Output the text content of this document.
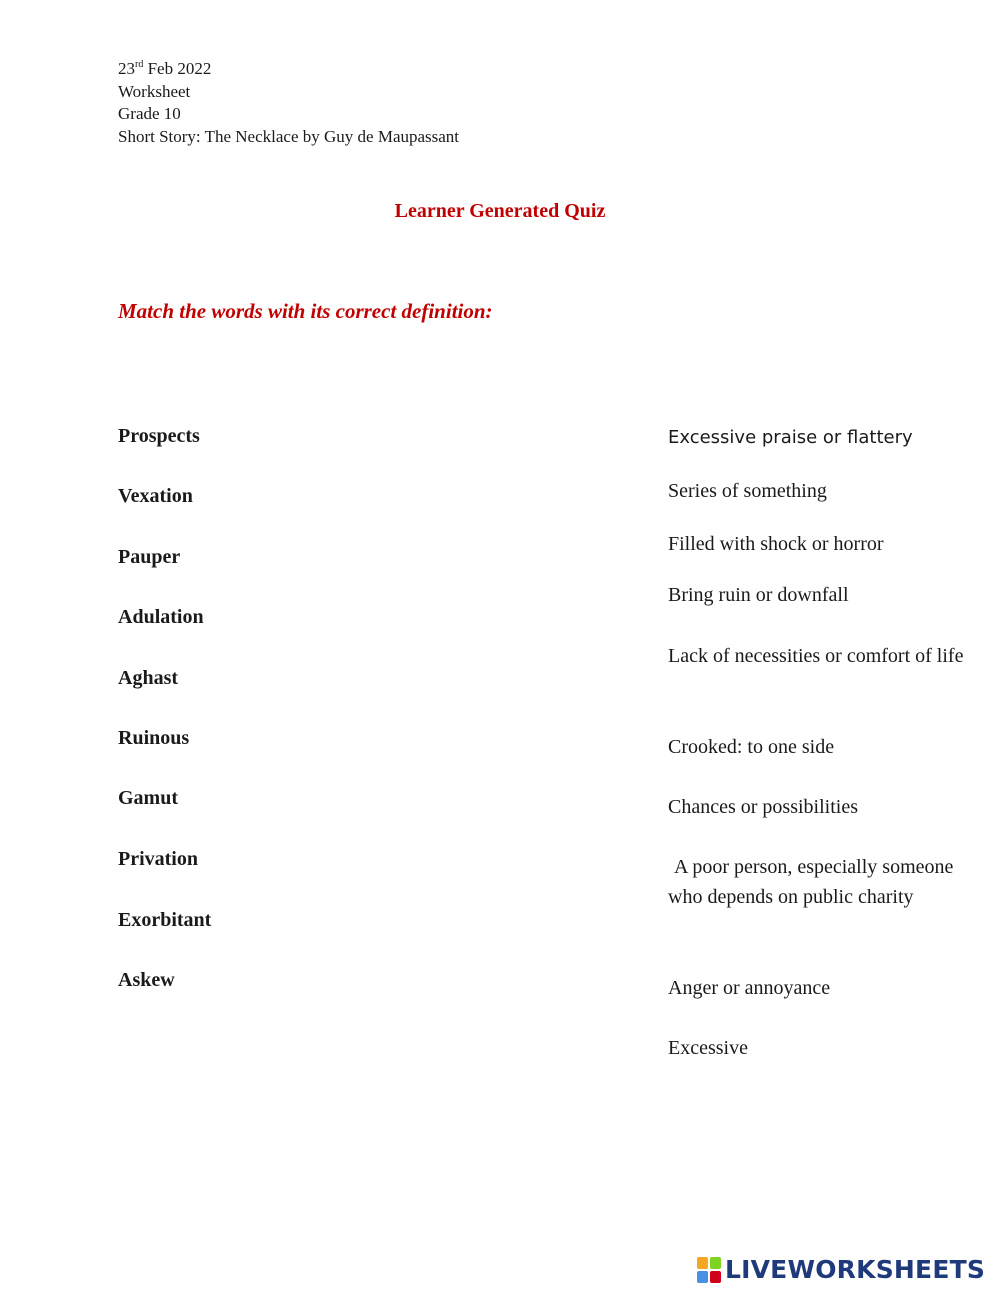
23rd Feb 2022
Worksheet
Grade 10
Short Story: The Necklace by Guy de Maupassant
Learner Generated Quiz
Match the words with its correct definition:
Prospects
Vexation
Pauper
Adulation
Aghast
Ruinous
Gamut
Privation
Exorbitant
Askew
Excessive praise or flattery
Series of something
Filled with shock or horror
Bring ruin or downfall
Lack of necessities or comfort of life
Crooked: to one side
Chances or possibilities
A poor person, especially someone who depends on public charity
Anger or annoyance
Excessive
LIVEWORKSHEETS
